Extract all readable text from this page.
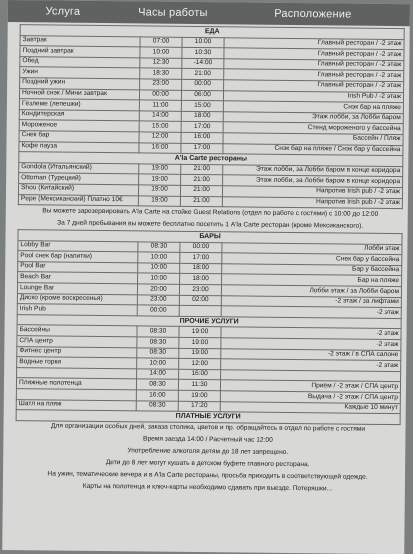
Услуга	Часы работы	Расположение
ЕДА			
Завтрак	07:00	10:00	Главный ресторан / -2 этаж
Поздний завтрак	10:00	10:30	Главный ресторан / -2 этаж
Обед	12:30	-14:00	Главный ресторан / -2 этаж
Ужин	18:30	21:00	Главный ресторан / -2 этаж
Поздний ужин	23:00	00:00	Главный ресторан / -2 этаж
Ночной снэк / Мини завтрак	00:00	06:00	Irish Pub / -2 этаж
Гёзлеме (лепешки)	11:00	15:00	Снэк бар на пляже
Кондитерская	14:00	18:00	Этаж лобби, за Лобби баром
Мороженое	15:00	17:00	Стенд мороженого у бассейна
Снек бар	12:00	16:00	Бассейн / Пляж
Кофе пауза	16:00	17:00	Снэк бар на пляже / Снэк бар у бассейна
A'la Carte рестораны			
Gondola (Итальянский)	19:00	21:00	Этаж лобби, за Лобби баром в конце коридора
Ottoman (Турецкий)	19:00	21:00	Этаж лобби, за Лобби баром в конце коридора
Shou (Китайский)	19:00	21:00	Напротив Irish pub / -2 этаж
Pepe (Мексиканский) Платно 10€	19:00	21:00	Напротив Irish pub / -2 этаж
Вы можете зарезервировать A'la Carte на стойке Guest Relations (отдел по работе с гостями) с 10:00 до 12:00			
За 7 дней пребывания вы можете бесплатно посетить 1 A'la Carte ресторан (кроме Мексиканского).			
БАРЫ			
Lobby Bar	08:30	00:00	Лобби этаж
Pool снек бар (напитки)	10:00	17:00	Снек бар у бассейна
Pool Bar	10:00	18:00	Бар у бассейна
Beach Bar	10:00	18:00	Бар на пляже
Lounge Bar	20:00	23:00	Лобби этаж / за Лобби баром
Диско (кроме воскресенья)	23:00	02:00	-2 этаж / за лифтами
Irish Pub	00:00		-2 этаж
ПРОЧИЕ УСЛУГИ			
Бассейны	08:30	19:00	-2 этаж
СПА центр	08:30	19:00	-2 этаж
Фитнес центр	08:30	19:00	-2 этаж / в СПА салоне
Водные горки	10:00	12:00	-2 этаж
	14:00	16:00	
Пляжные полотенца	08:30	11:30	Приём / -2 этаж / СПА центр
	16:00	19:00	Выдача / -2 этаж / СПА центр
Шатл на пляж	08:30	17:20	Каждые 10 минут
ПЛАТНЫЕ УСЛУГИ			
Для организации особых дней, заказа столика, цветов и пр. обращайтесь в отдел по работе с гостями			
Время заезда 14:00 / Расчетный час 12:00			
Употребление алкоголя детям до 18 лет запрещено.			
Дети до 8 лет могут кушать в детском буфете главного ресторана.			
На ужин, тематические вечера и в A'la Carte рестораны, просьба приходить в соответствующей одежде.			
Карты на полотенца и ключ-карты необходимо сдавать при выезде. Потеряшки...			
